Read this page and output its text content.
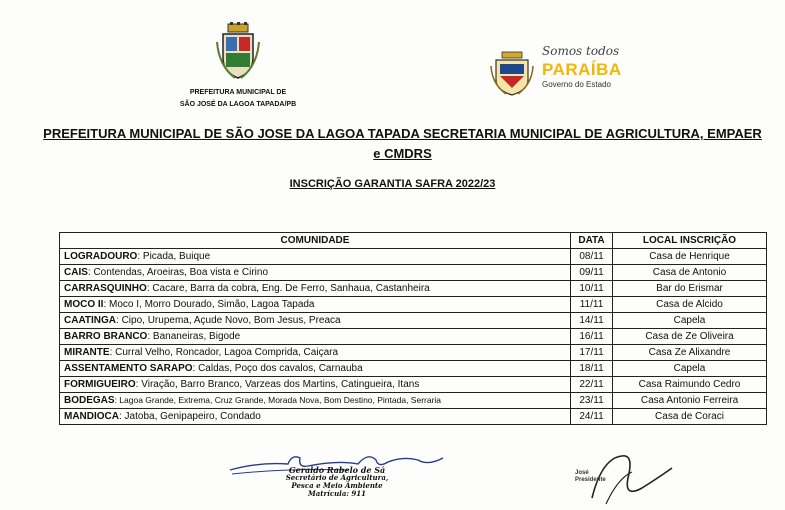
PREFEITURA MUNICIPAL DE
SÃO JOSÉ DA LAGOA TAPADA/PB
Somos todos
PARAÍBA
Governo do Estado
PREFEITURA MUNICIPAL DE SÃO JOSE DA LAGOA TAPADA SECRETARIA MUNICIPAL DE AGRICULTURA, EMPAER e CMDRS
INSCRIÇÃO GARANTIA SAFRA 2022/23
COMUNIDADE	DATA	LOCAL INSCRIÇÃO
LOGRADOURO: Picada, Buique	08/11	Casa de Henrique
CAIS: Contendas, Aroeiras, Boa vista e Cirino	09/11	Casa de Antonio
CARRASQUINHO: Cacare, Barra da cobra, Eng. De Ferro, Sanhaua, Castanheira	10/11	Bar do Erismar
MOCO II: Moco I, Morro Dourado, Simão, Lagoa Tapada	11/11	Casa de Alcido
CAATINGA: Cipo, Urupema, Açude Novo, Bom Jesus, Preaca	14/11	Capela
BARRO BRANCO: Bananeiras, Bigode	16/11	Casa de Ze Oliveira
MIRANTE: Curral Velho, Roncador, Lagoa Comprida, Caiçara	17/11	Casa Ze Alixandre
ASSENTAMENTO SARAPO: Caldas, Poço dos cavalos, Carnauba	18/11	Capela
FORMIGUEIRO: Viração, Barro Branco, Varzeas dos Martins, Catingueira, Itans	22/11	Casa Raimundo Cedro
BODEGAS: Lagoa Grande, Extrema, Cruz Grande, Morada Nova, Bom Destino, Pintada, Serraria	23/11	Casa Antonio Ferreira
MANDIOCA: Jatoba, Genipapeiro, Condado	24/11	Casa de Coraci
Geraldo Rabelo de Sá
Secretário de Agricultura,
Pesca e Meio Ambiente
Matrícula: 911
José
Presidente
